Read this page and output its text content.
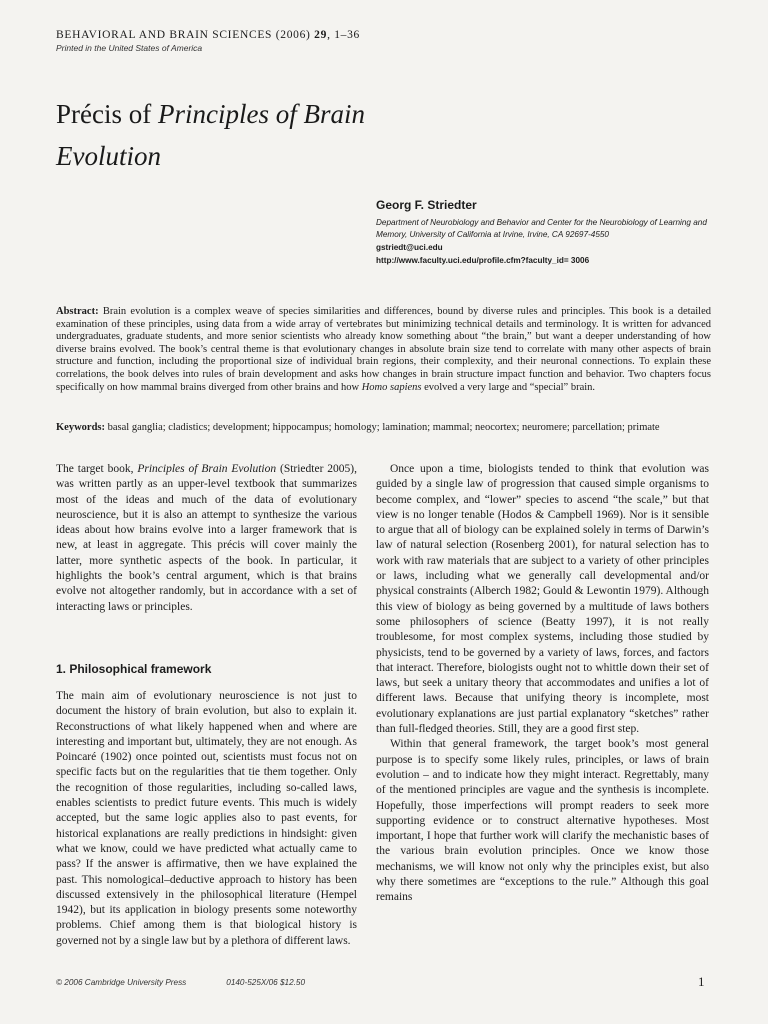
BEHAVIORAL AND BRAIN SCIENCES (2006) 29, 1–36
Printed in the United States of America
Précis of Principles of Brain
Evolution
Georg F. Striedter
Department of Neurobiology and Behavior and Center for the Neurobiology of Learning and Memory, University of California at Irvine, Irvine, CA 92697-4550
gstriedt@uci.edu
http://www.faculty.uci.edu/profile.cfm?faculty_id= 3006
Abstract: Brain evolution is a complex weave of species similarities and differences, bound by diverse rules and principles. This book is a detailed examination of these principles, using data from a wide array of vertebrates but minimizing technical details and terminology. It is written for advanced undergraduates, graduate students, and more senior scientists who already know something about “the brain,” but want a deeper understanding of how diverse brains evolved. The book’s central theme is that evolutionary changes in absolute brain size tend to correlate with many other aspects of brain structure and function, including the proportional size of individual brain regions, their complexity, and their neuronal connections. To explain these correlations, the book delves into rules of brain development and asks how changes in brain structure impact function and behavior. Two chapters focus specifically on how mammal brains diverged from other brains and how Homo sapiens evolved a very large and “special” brain.
Keywords: basal ganglia; cladistics; development; hippocampus; homology; lamination; mammal; neocortex; neuromere; parcellation; primate

The target book, Principles of Brain Evolution (Striedter 2005), was written partly as an upper-level textbook that summarizes most of the ideas and much of the data of evolutionary neuroscience, but it is also an attempt to synthesize the various ideas about how brains evolve into a larger framework that is new, at least in aggregate. This précis will cover mainly the latter, more synthetic aspects of the book. In particular, it highlights the book’s central argument, which is that brains evolve not altogether randomly, but in accordance with a set of interacting laws or principles.

1. Philosophical framework

The main aim of evolutionary neuroscience is not just to document the history of brain evolution, but also to explain it. Reconstructions of what likely happened when and where are interesting and important but, ultimately, they are not enough. As Poincaré (1902) once pointed out, scientists must focus not on specific facts but on the regularities that tie them together. Only the recognition of those regularities, including so-called laws, enables scientists to predict future events. This much is widely accepted, but the same logic applies also to past events, for historical explanations are really predictions in hindsight: given what we know, could we have predicted what actually came to pass? If the answer is affirmative, then we have explained the past. This nomological–deductive approach to history has been discussed extensively in the philosophical literature (Hempel 1942), but its application in biology presents some noteworthy problems. Chief among them is that biological history is governed not by a single law but by a plethora of different laws.

Once upon a time, biologists tended to think that evolution was guided by a single law of progression that caused simple organisms to become complex, and “lower” species to ascend “the scale,” but that view is no longer tenable (Hodos & Campbell 1969). Nor is it sensible to argue that all of biology can be explained solely in terms of Darwin’s law of natural selection (Rosenberg 2001), for natural selection has to work with raw materials that are subject to a variety of other principles or laws, including what we generally call developmental and/or physical constraints (Alberch 1982; Gould & Lewontin 1979). Although this view of biology as being governed by a multitude of laws bothers some philosophers of science (Beatty 1997), it is not really troublesome, for most complex systems, including those studied by physicists, tend to be governed by a variety of laws, forces, and factors that interact. Therefore, biologists ought not to whittle down their set of laws, but seek a unitary theory that accommodates and unifies a lot of different laws. Because that unifying theory is incomplete, most evolutionary explanations are just partial explanatory “sketches” rather than full-fledged theories. Still, they are a good first step.

Within that general framework, the target book’s most general purpose is to specify some likely rules, principles, or laws of brain evolution – and to indicate how they might interact. Regrettably, many of the mentioned principles are vague and the synthesis is incomplete. Hopefully, those imperfections will prompt readers to seek more supporting evidence or to construct alternative hypotheses. Most important, I hope that further work will clarify the mechanistic bases of the various brain evolution principles. Once we know those mechanisms, we will know not only why the principles exist, but also why there sometimes are “exceptions to the rule.” Although this goal remains

© 2006 Cambridge University Press	0140-525X/06 $12.50	1
